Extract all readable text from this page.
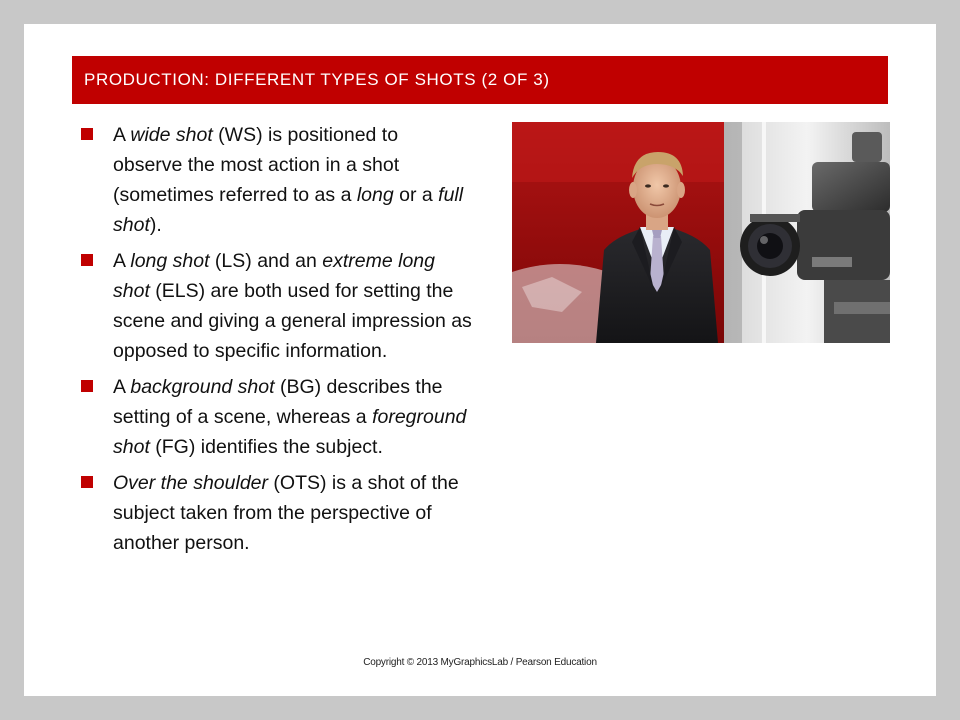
PRODUCTION: DIFFERENT TYPES OF SHOTS (2 OF 3)
A wide shot (WS) is positioned to observe the most action in a shot (sometimes referred to as a long or a full shot).
A long shot (LS) and an extreme long shot (ELS) are both used for setting the scene and giving a general impression as opposed to specific information.
A background shot (BG) describes the setting of a scene, whereas a foreground shot (FG) identifies the subject.
Over the shoulder (OTS) is a shot of the subject taken from the perspective of another person.
Copyright © 2013 MyGraphicsLab / Pearson Education
